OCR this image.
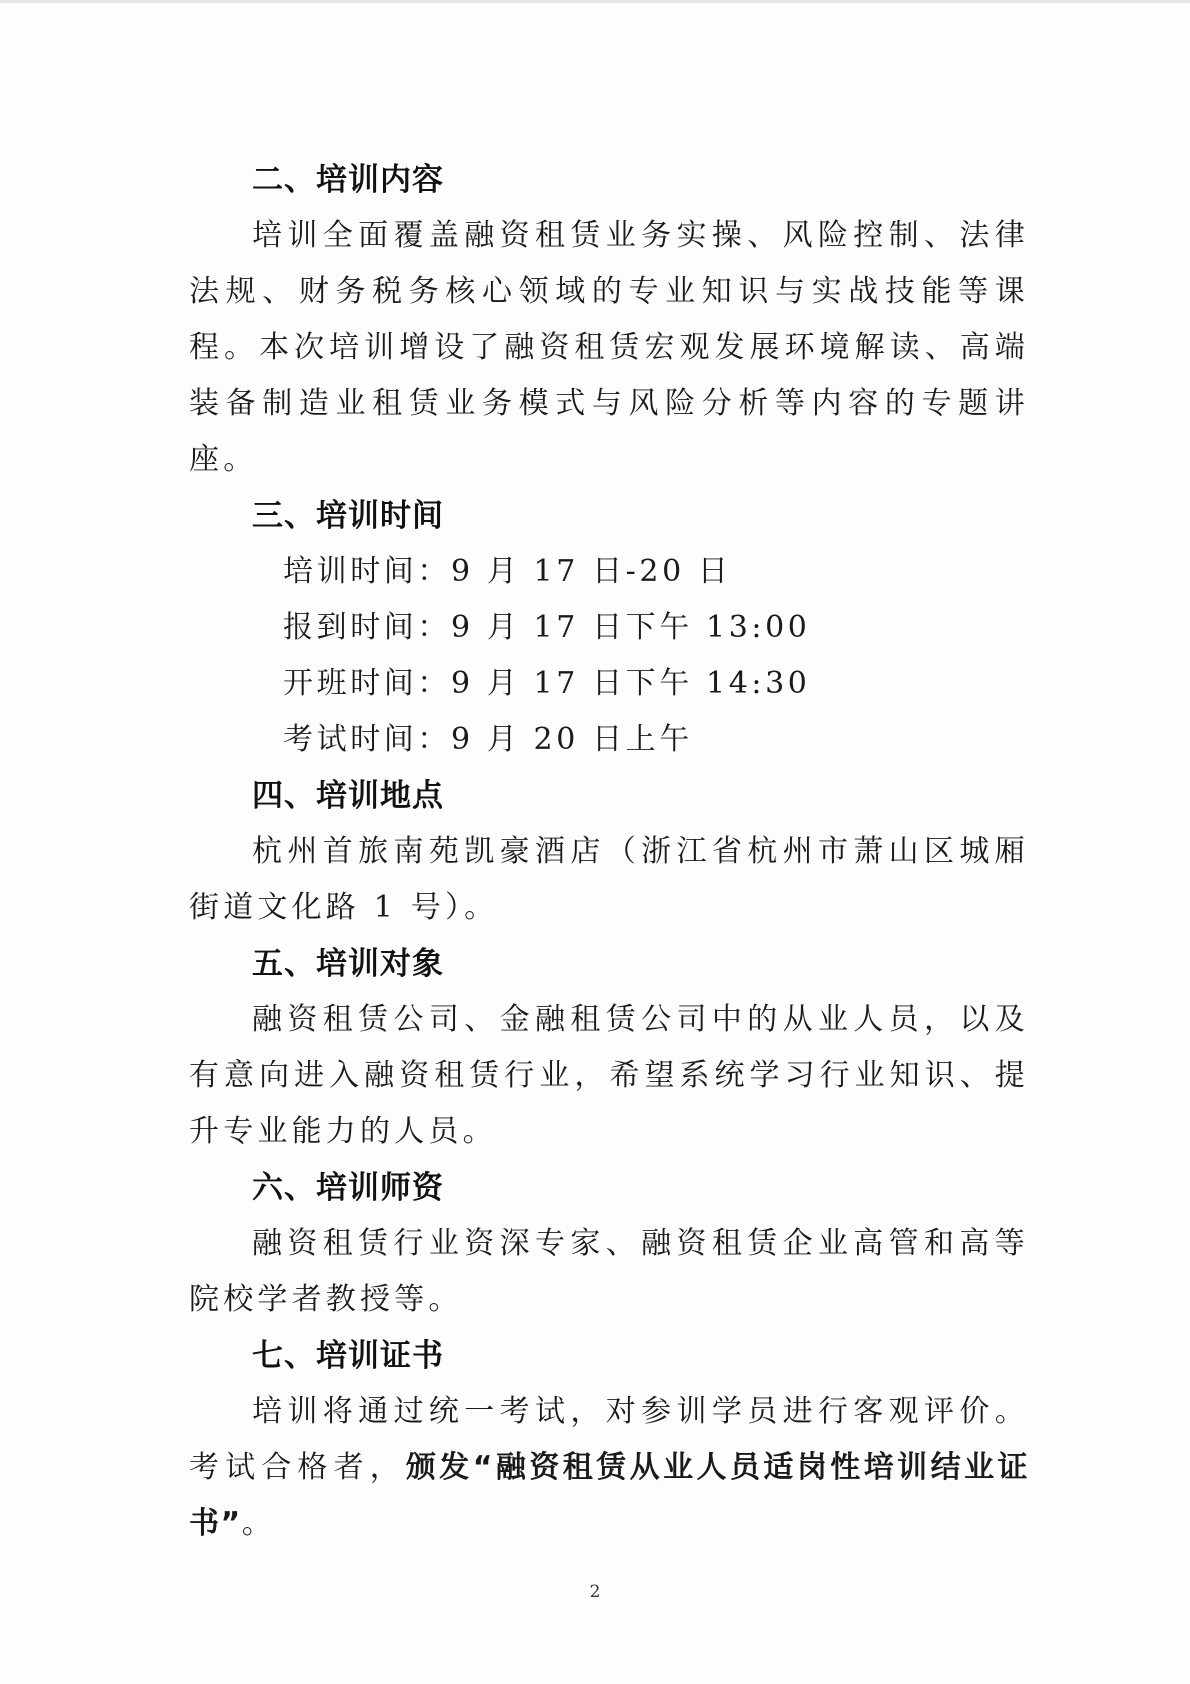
二、培训内容

培训全面覆盖融资租赁业务实操、风险控制、法律法规、财务税务核心领域的专业知识与实战技能等课程。本次培训增设了融资租赁宏观发展环境解读、高端装备制造业租赁业务模式与风险分析等内容的专题讲座。

三、培训时间
培训时间：9 月 17 日-20 日
报到时间：9 月 17 日下午 13:00
开班时间：9 月 17 日下午 14:30
考试时间：9 月 20 日上午
四、培训地点

杭州首旅南苑凯豪酒店（浙江省杭州市萧山区城厢街道文化路 1 号）。

五、培训对象

融资租赁公司、金融租赁公司中的从业人员，以及有意向进入融资租赁行业，希望系统学习行业知识、提升专业能力的人员。

六、培训师资

融资租赁行业资深专家、融资租赁企业高管和高等院校学者教授等。

七、培训证书

培训将通过统一考试，对参训学员进行客观评价。考试合格者，颁发“融资租赁从业人员适岗性培训结业证书”。

2
